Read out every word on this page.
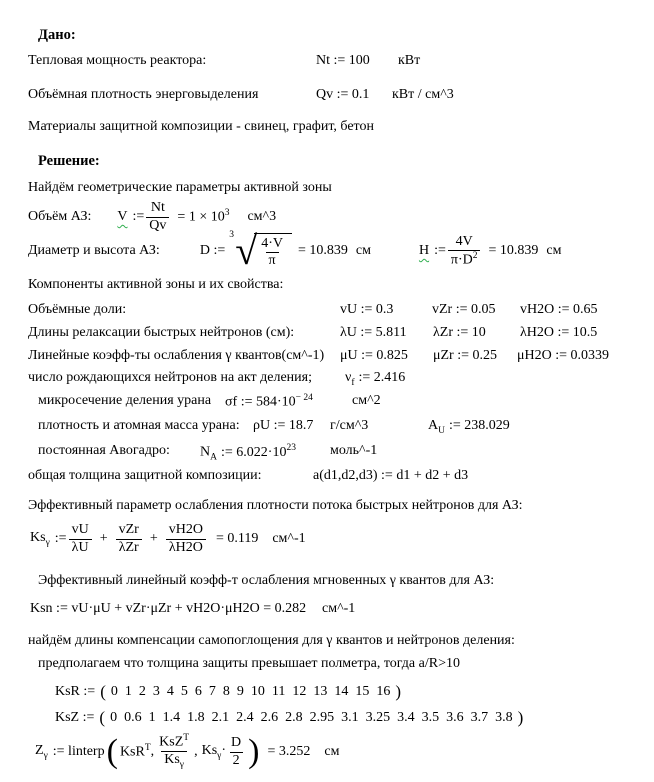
Дано:
Тепловая мощность реактора:	Nt := 100 кВт
Объёмная плотность энерговыделения	Qv := 0.1 кВт / см^3
Материалы защитной композиции - свинец, графит, бетон
Решение:
Найдём геометрические параметры активной зоны
Объём АЗ: V := $\frac{Nt}{Qv} = 1 \times 10^3$ см^3
Диаметр и высота АЗ:	D :=
3 √ $\frac{4\cdot V}{\pi} = 10.839$ см	H := $\frac{4V}{\pi\cdot D^2} = 10.839$ см
Компоненты активной зоны и их свойства:
Объёмные доли:	vU := 0.3	vZr := 0.05 vH2O := 0.65
Длины релаксации быстрых нейтронов (см):	λU := 5.811 λZr := 10 λH2O := 10.5
Линейные коэфф-ты ослабления γ квантов(см^-1) μU := 0.825 μZr := 0.25 μH2O := 0.0339
число рождающихся нейтронов на акт деления; $\nu_f$ := 2.416
микросечение деления урана σf := $584\cdot 10^{- 24}$	см^2
плотность и атомная масса урана: ρU := 18.7 г/см^3	$A_U$ := 238.029
постоянная Авогадро: $N_A$ := $6.022\cdot 10^{23}$ моль^-1
общая толщина защитной композиции:	a(d1,d2,d3) := d1 + d2 + d3
Эффективный параметр ослабления плотности потока быстрых нейтронов для АЗ:
$Ks_\gamma$ := $\frac{vU}{\lambda U} + \frac{\text{vZr}}{\text{λZr}} + \frac{vH2O}{\lambda H2O} = 0.119$ см^-1
Эффективный линейный коэфф-т ослабления мгновенных γ квантов для АЗ:
Ksn := vU·μU + vZr·μZr + vH2O·μH2O = 0.282 см^-1
найдём длины компенсации самопоглощения для γ квантов и нейтронов деления:
предполагаем что толщина защиты превышает полметра, тогда a/R>10
KsR := ( 0  1  2  3  4  5  6  7  8  9  10  11  12  13  14  15  16 )
KsZ := ( 0  0.6  1  1.4  1.8  2.1  2.4  2.6  2.8  2.95  3.1  3.25  3.4  3.5  3.6  3.7  3.8 )
$Z_\gamma$ := linterp ( KsR$^T$ , $\frac{KsZ^T}{Ks_\gamma}$ , $Ks_\gamma\cdot \frac{D}{2}$ ) = 3.252 см
